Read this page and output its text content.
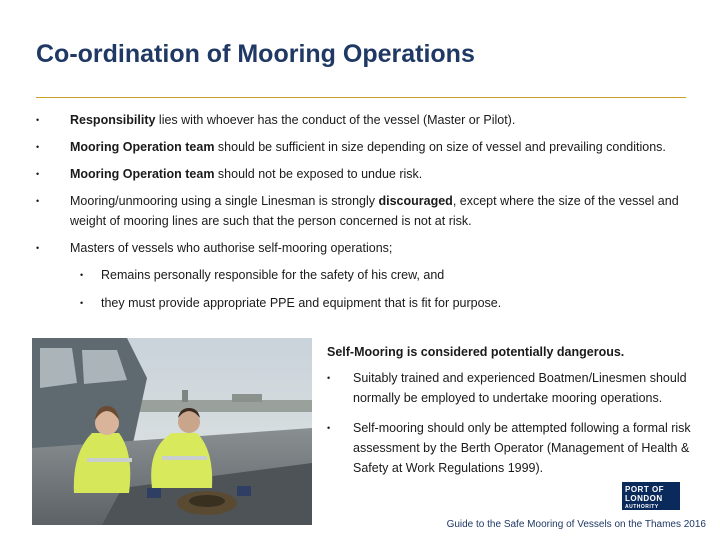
Co-ordination of Mooring Operations
• Responsibility lies with whoever has the conduct of the vessel (Master or Pilot).
• Mooring Operation team should be sufficient in size depending on size of vessel and prevailing conditions.
• Mooring Operation team should not be exposed to undue risk.
• Mooring/unmooring using a single Linesman is strongly discouraged, except where the size of the vessel and weight of mooring lines are such that the person concerned is not at risk.
• Masters of vessels who authorise self-mooring operations;
• Remains personally responsible for the safety of his crew, and
• they must provide appropriate PPE and equipment that is fit for purpose.
Self-Mooring is considered potentially dangerous.
• Suitably trained and experienced Boatmen/Linesmen should normally be employed to undertake mooring operations.
• Self-mooring should only be attempted following a formal risk assessment by the Berth Operator (Management of Health & Safety at Work Regulations 1999).
PORT OF
LONDON
AUTHORITY
Guide to the Safe Mooring of Vessels on the Thames 2016
